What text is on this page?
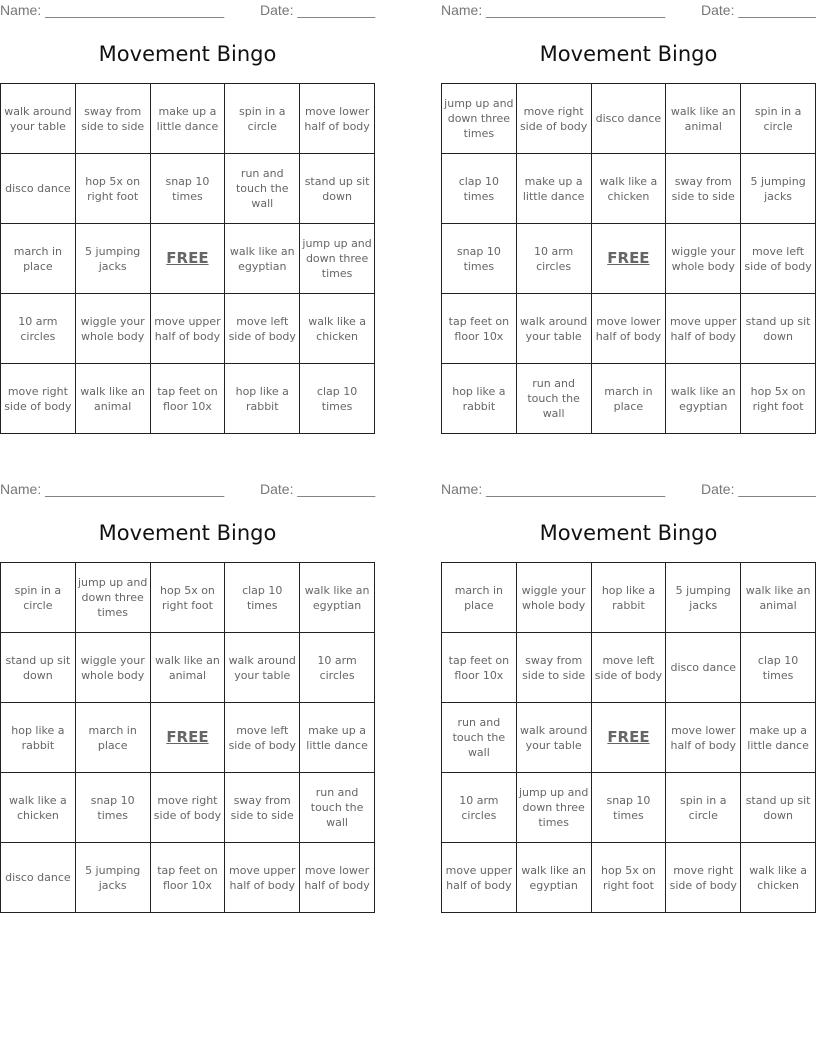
Name: _______________________	Date: __________
Movement Bingo
walk around your table	sway from side to side	make up a little dance	spin in a circle	move lower half of body

disco dance	hop 5x on right foot	snap 10 times	run and touch the wall	stand up sit down

march in place	5 jumping jacks	FREE	walk like an egyptian	jump up and down three times

10 arm circles	wiggle your whole body	move upper half of body	move left side of body	walk like a chicken

move right side of body	walk like an animal	tap feet on floor 10x	hop like a rabbit	clap 10 times
Name: _______________________	Date: __________
Movement Bingo
jump up and down three times	move right side of body	disco dance	walk like an animal	spin in a circle

clap 10 times	make up a little dance	walk like a chicken	sway from side to side	5 jumping jacks

snap 10 times	10 arm circles	FREE	wiggle your whole body	move left side of body

tap feet on floor 10x	walk around your table	move lower half of body	move upper half of body	stand up sit down

hop like a rabbit	run and touch the wall	march in place	walk like an egyptian	hop 5x on right foot
Name: _______________________	Date: __________
Movement Bingo
spin in a circle	jump up and down three times	hop 5x on right foot	clap 10 times	walk like an egyptian

stand up sit down	wiggle your whole body	walk like an animal	walk around your table	10 arm circles

hop like a rabbit	march in place	FREE	move left side of body	make up a little dance

walk like a chicken	snap 10 times	move right side of body	sway from side to side	run and touch the wall

disco dance	5 jumping jacks	tap feet on floor 10x	move upper half of body	move lower half of body
Name: _______________________	Date: __________
Movement Bingo
march in place	wiggle your whole body	hop like a rabbit	5 jumping jacks	walk like an animal

tap feet on floor 10x	sway from side to side	move left side of body	disco dance	clap 10 times

run and touch the wall	walk around your table	FREE	move lower half of body	make up a little dance

10 arm circles	jump up and down three times	snap 10 times	spin in a circle	stand up sit down

move upper half of body	walk like an egyptian	hop 5x on right foot	move right side of body	walk like a chicken
